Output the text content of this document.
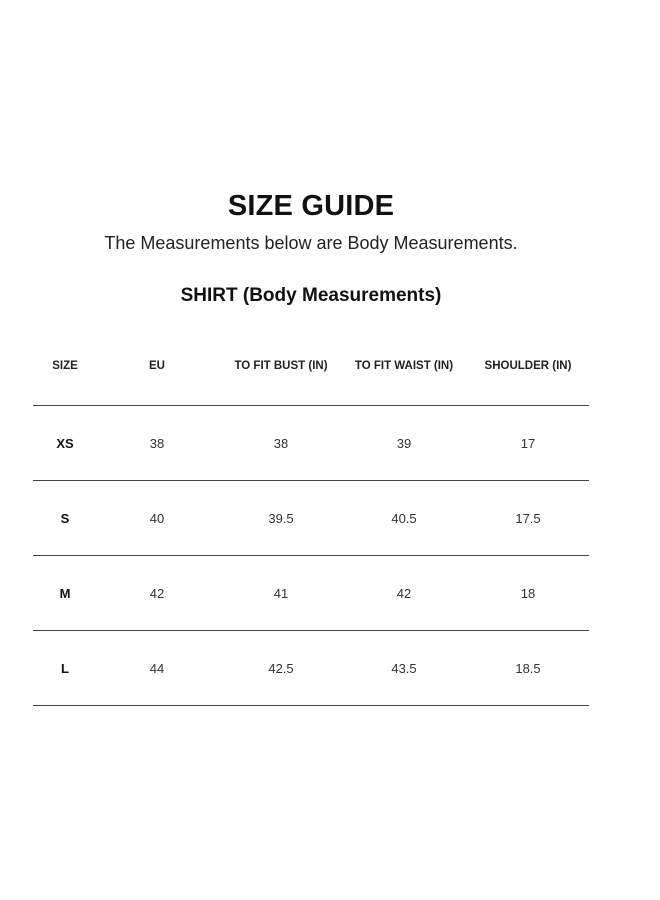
SIZE GUIDE
The Measurements below are Body Measurements.
SHIRT (Body Measurements)
SIZE	EU	TO FIT BUST (IN)	TO FIT WAIST (IN)	SHOULDER (IN)
XS	38	38	39	17
S	40	39.5	40.5	17.5
M	42	41	42	18
L	44	42.5	43.5	18.5
